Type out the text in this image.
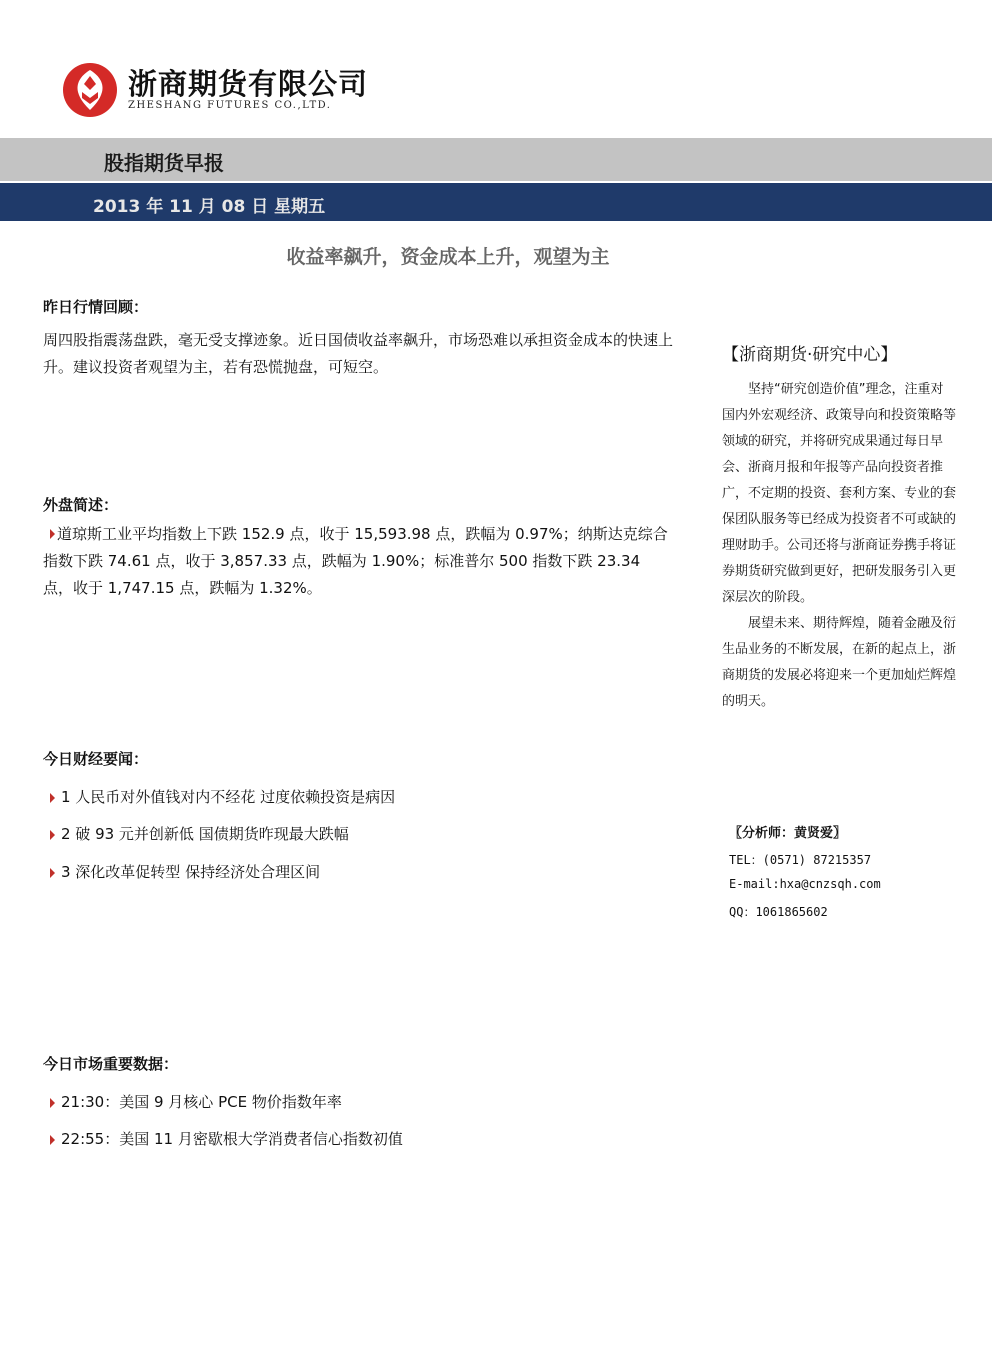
浙商期货有限公司
ZHESHANG FUTURES CO.,LTD.
股指期货早报
2013 年 11 月 08 日 星期五
收益率飙升，资金成本上升，观望为主
昨日行情回顾：
周四股指震荡盘跌，毫无受支撑迹象。近日国债收益率飙升，市场恐难以承担资金成本的快速上升。建议投资者观望为主，若有恐慌抛盘，可短空。
外盘简述：
道琼斯工业平均指数上下跌 152.9 点，收于 15,593.98 点，跌幅为 0.97%；纳斯达克综合指数下跌 74.61 点，收于 3,857.33 点，跌幅为 1.90%；标准普尔 500 指数下跌 23.34 点，收于 1,747.15 点，跌幅为 1.32%。
今日财经要闻：
1 人民币对外值钱对内不经花 过度依赖投资是病因
2 破 93 元并创新低 国债期货昨现最大跌幅
3 深化改革促转型 保持经济处合理区间
今日市场重要数据：
21:30：美国 9 月核心 PCE 物价指数年率
22:55：美国 11 月密歇根大学消费者信心指数初值
【浙商期货·研究中心】

坚持“研究创造价值”理念，注重对国内外宏观经济、政策导向和投资策略等领域的研究，并将研究成果通过每日早会、浙商月报和年报等产品向投资者推广，不定期的投资、套利方案、专业的套保团队服务等已经成为投资者不可或缺的理财助手。公司还将与浙商证券携手将证券期货研究做到更好，把研发服务引入更深层次的阶段。

展望未来、期待辉煌，随着金融及衍生品业务的不断发展，在新的起点上，浙商期货的发展必将迎来一个更加灿烂辉煌的明天。

〖分析师：黄贤爱〗
TEL：(0571) 87215357
E-mail:hxa@cnzsqh.com
QQ：1061865602
